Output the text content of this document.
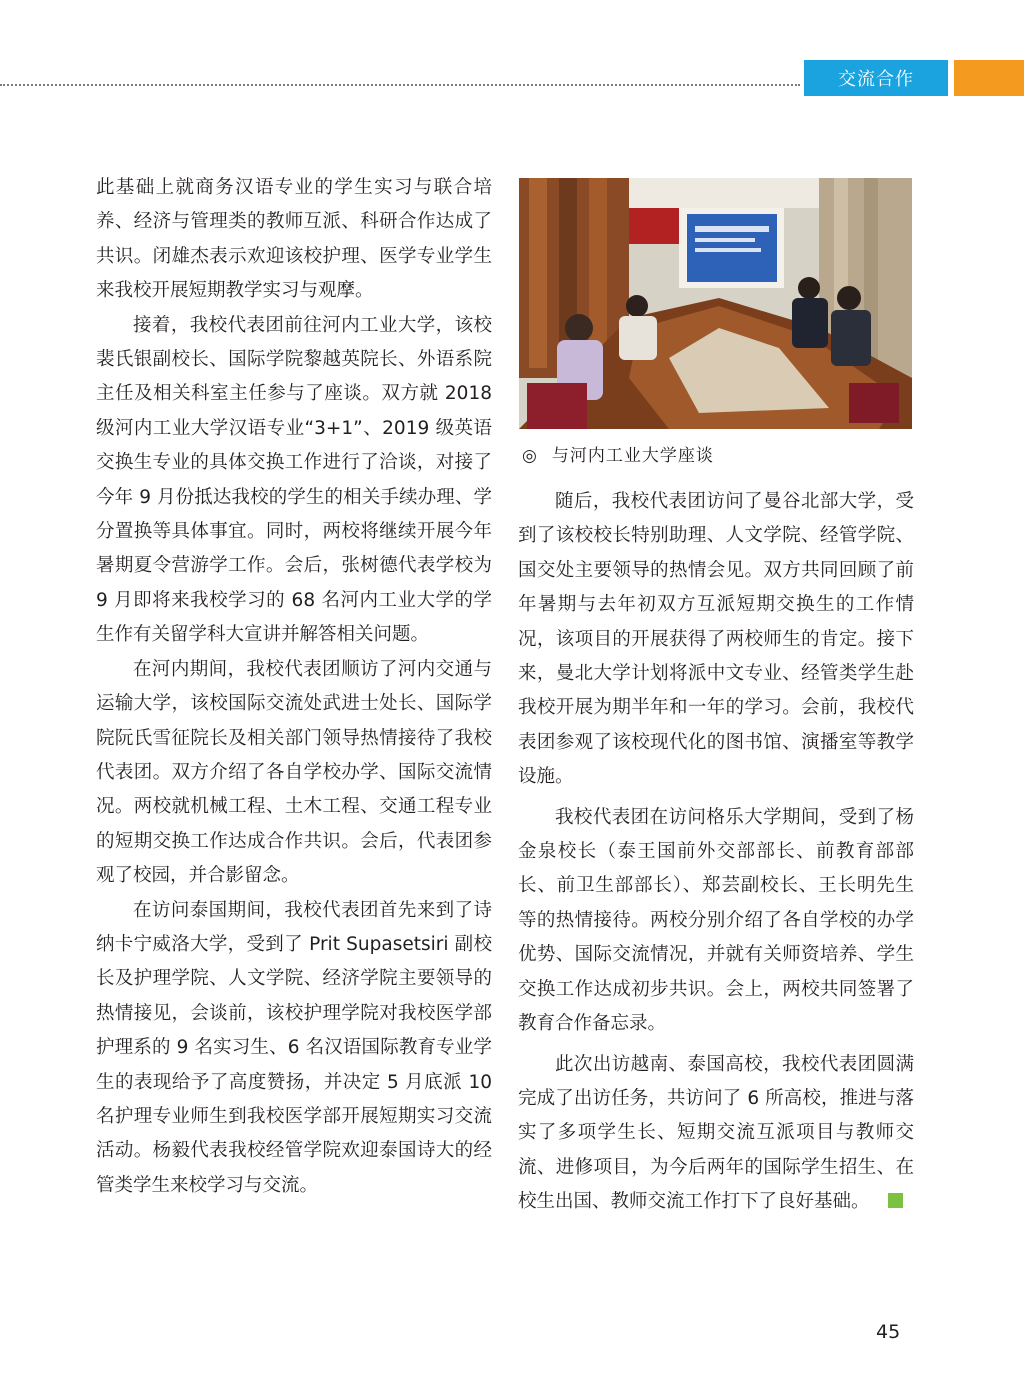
交流合作

此基础上就商务汉语专业的学生实习与联合培养、经济与管理类的教师互派、科研合作达成了共识。闭雄杰表示欢迎该校护理、医学专业学生来我校开展短期教学实习与观摩。

接着，我校代表团前往河内工业大学，该校裴氏银副校长、国际学院黎越英院长、外语系院主任及相关科室主任参与了座谈。双方就 2018 级河内工业大学汉语专业“3+1”、2019 级英语交换生专业的具体交换工作进行了洽谈，对接了今年 9 月份抵达我校的学生的相关手续办理、学分置换等具体事宜。同时，两校将继续开展今年暑期夏令营游学工作。会后，张树德代表学校为 9 月即将来我校学习的 68 名河内工业大学的学生作有关留学科大宣讲并解答相关问题。

在河内期间，我校代表团顺访了河内交通与运输大学，该校国际交流处武进士处长、国际学院阮氏雪征院长及相关部门领导热情接待了我校代表团。双方介绍了各自学校办学、国际交流情况。两校就机械工程、土木工程、交通工程专业的短期交换工作达成合作共识。会后，代表团参观了校园，并合影留念。

在访问泰国期间，我校代表团首先来到了诗纳卡宁威洛大学，受到了 Prit Supasetsiri 副校长及护理学院、人文学院、经济学院主要领导的热情接见，会谈前，该校护理学院对我校医学部护理系的 9 名实习生、6 名汉语国际教育专业学生的表现给予了高度赞扬，并决定 5 月底派 10 名护理专业师生到我校医学部开展短期实习交流活动。杨毅代表我校经管学院欢迎泰国诗大的经管类学生来校学习与交流。

◎ 与河内工业大学座谈

随后，我校代表团访问了曼谷北部大学，受到了该校校长特别助理、人文学院、经管学院、国交处主要领导的热情会见。双方共同回顾了前年暑期与去年初双方互派短期交换生的工作情况，该项目的开展获得了两校师生的肯定。接下来，曼北大学计划将派中文专业、经管类学生赴我校开展为期半年和一年的学习。会前，我校代表团参观了该校现代化的图书馆、演播室等教学设施。

我校代表团在访问格乐大学期间，受到了杨金泉校长（泰王国前外交部部长、前教育部部长、前卫生部部长）、郑芸副校长、王长明先生等的热情接待。两校分别介绍了各自学校的办学优势、国际交流情况，并就有关师资培养、学生交换工作达成初步共识。会上，两校共同签署了教育合作备忘录。

此次出访越南、泰国高校，我校代表团圆满完成了出访任务，共访问了 6 所高校，推进与落实了多项学生长、短期交流互派项目与教师交流、进修项目，为今后两年的国际学生招生、在校生出国、教师交流工作打下了良好基础。

45
